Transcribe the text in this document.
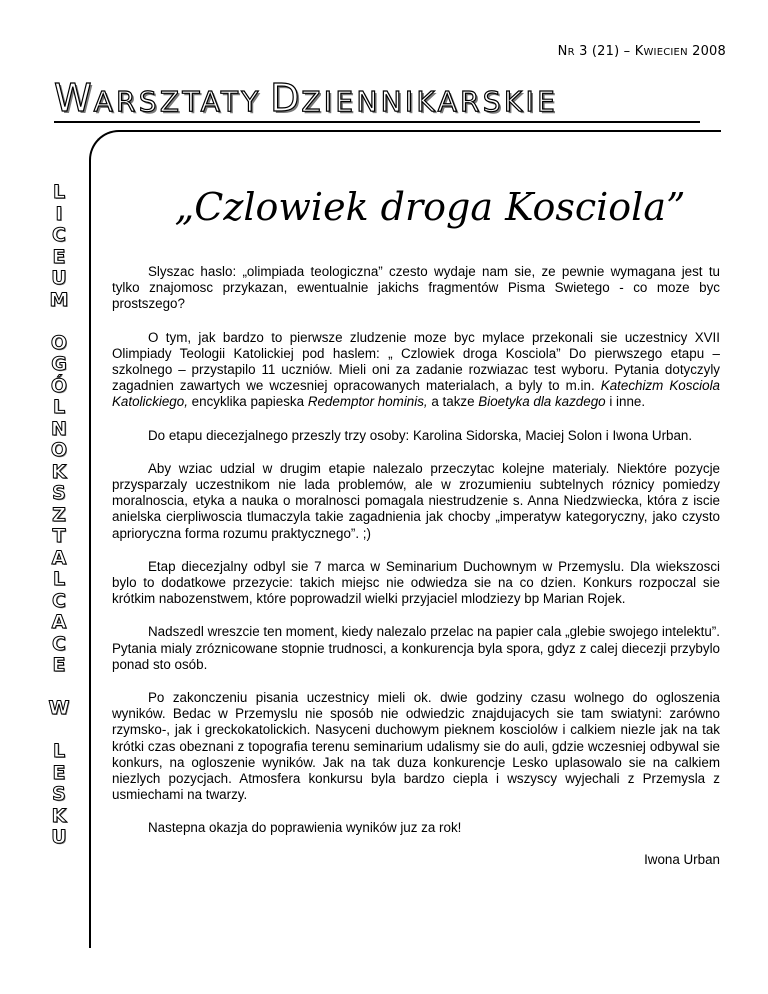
NR 3 (21) – KWIECIEN 2008
WARSZTATY DZIENNIKARSKIE
L
I
C
E
U
M
O
G
Ó
L
N
O
K
S
Z
T
A
L
C
A
C
E
W
L
E
S
K
U
„Czlowiek droga Kosciola”

Slyszac haslo: „olimpiada teologiczna” czesto wydaje nam sie, ze pewnie wymagana jest tu tylko znajomosc przykazan, ewentualnie jakichs fragmentów Pisma Swietego - co moze byc prostszego?

O tym, jak bardzo to pierwsze zludzenie moze byc mylace przekonali sie uczestnicy XVII Olimpiady Teologii Katolickiej pod haslem: „ Czlowiek droga Kosciola” Do pierwszego etapu – szkolnego – przystapilo 11 uczniów. Mieli oni za zadanie rozwiazac test wyboru. Pytania dotyczyly zagadnien zawartych we wczesniej opracowanych materialach, a byly to m.in. Katechizm Kosciola Katolickiego, encyklika papieska Redemptor hominis, a takze Bioetyka dla kazdego i inne.

Do etapu diecezjalnego przeszly trzy osoby: Karolina Sidorska, Maciej Solon i Iwona Urban.

Aby wziac udzial w drugim etapie nalezalo przeczytac kolejne materialy. Niektóre pozycje przysparzaly uczestnikom nie lada problemów, ale w zrozumieniu subtelnych róznicy pomiedzy moralnoscia, etyka a nauka o moralnosci pomagala niestrudzenie s. Anna Niedzwiecka, która z iscie anielska cierpliwoscia tlumaczyla takie zagadnienia jak chocby „imperatyw kategoryczny, jako czysto aprioryczna forma rozumu praktycznego”. ;)

Etap diecezjalny odbyl sie 7 marca w Seminarium Duchownym w Przemyslu. Dla wiekszosci bylo to dodatkowe przezycie: takich miejsc nie odwiedza sie na co dzien. Konkurs rozpoczal sie krótkim nabozenstwem, które poprowadzil wielki przyjaciel mlodziezy bp Marian Rojek.

Nadszedl wreszcie ten moment, kiedy nalezalo przelac na papier cala „glebie swojego intelektu”. Pytania mialy zróznicowane stopnie trudnosci, a konkurencja byla spora, gdyz z calej diecezji przybylo ponad sto osób.

Po zakonczeniu pisania uczestnicy mieli ok. dwie godziny czasu wolnego do ogloszenia wyników. Bedac w Przemyslu nie sposób nie odwiedzic znajdujacych sie tam swiatyni: zarówno rzymsko-, jak i greckokatolickich. Nasyceni duchowym pieknem kosciolów i calkiem niezle jak na tak krótki czas obeznani z topografia terenu seminarium udalismy sie do auli, gdzie wczesniej odbywal sie konkurs, na ogloszenie wyników. Jak na tak duza konkurencje Lesko uplasowalo sie na calkiem niezlych pozycjach. Atmosfera konkursu byla bardzo ciepla i wszyscy wyjechali z Przemysla z usmiechami na twarzy.

Nastepna okazja do poprawienia wyników juz za rok!

Iwona Urban
